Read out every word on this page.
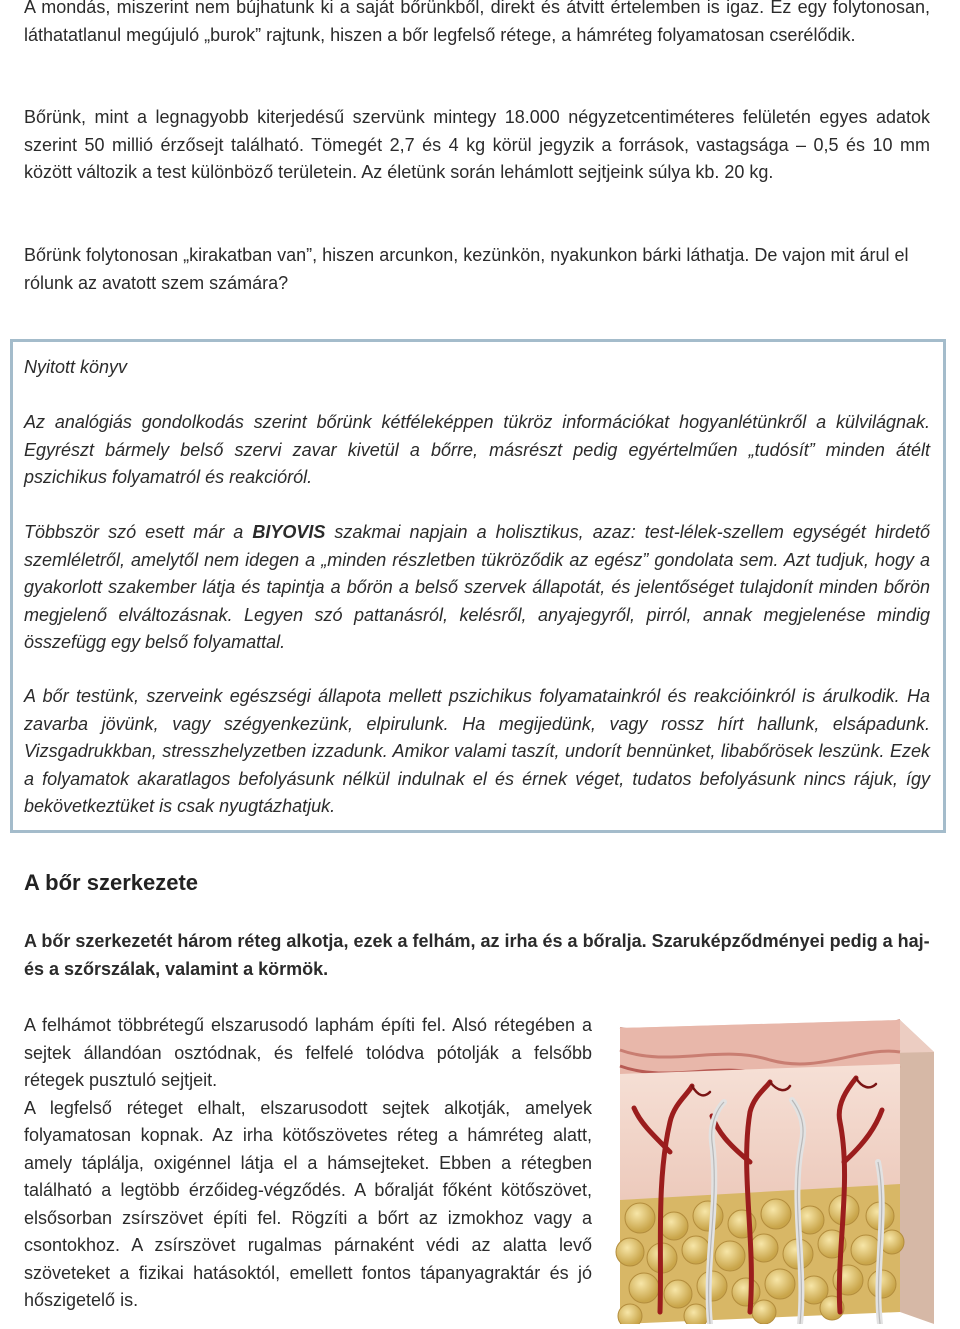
A mondás, miszerint nem bújhatunk ki a saját bőrünkből, direkt és átvitt értelemben is igaz. Ez egy folytonosan, láthatatlanul megújuló „burok” rajtunk, hiszen a bőr legfelső rétege, a hámréteg folyamatosan cserélődik.

Bőrünk, mint a legnagyobb kiterjedésű szervünk mintegy 18.000 négyzetcentiméteres felületén egyes adatok szerint 50 millió érzősejt található. Tömegét 2,7 és 4 kg körül jegyzik a források, vastagsága – 0,5 és 10 mm között változik a test különböző területein. Az életünk során lehámlott sejtjeink súlya kb. 20 kg.

Bőrünk folytonosan „kirakatban van”, hiszen arcunkon, kezünkön, nyakunkon bárki láthatja. De vajon mit árul el rólunk az avatott szem számára?

Nyitott könyv

Az analógiás gondolkodás szerint bőrünk kétféleképpen tükröz információkat hogyanlétünkről a külvilágnak. Egyrészt bármely belső szervi zavar kivetül a bőrre, másrészt pedig egyértelműen „tudósít” minden átélt pszichikus folyamatról és reakcióról.

Többször szó esett már a BIYOVIS szakmai napjain a holisztikus, azaz: test-lélek-szellem egységét hirdető szemléletről, amelytől nem idegen a „minden részletben tükröződik az egész” gondolata sem. Azt tudjuk, hogy a gyakorlott szakember látja és tapintja a bőrön a belső szervek állapotát, és jelentőséget tulajdonít minden bőrön megjelenő elváltozásnak. Legyen szó pattanásról, kelésről, anyajegyről, pirról, annak megjelenése mindig összefügg egy belső folyamattal.

A bőr testünk, szerveink egészségi állapota mellett pszichikus folyamatainkról és reakcióinkról is árulkodik. Ha zavarba jövünk, vagy szégyenkezünk, elpirulunk. Ha megijedünk, vagy rossz hírt hallunk, elsápadunk. Vizsgadrukkban, stresszhelyzetben izzadunk. Amikor valami taszít, undorít bennünket, libabőrösek leszünk. Ezek a folyamatok akaratlagos befolyásunk nélkül indulnak el és érnek véget, tudatos befolyásunk nincs rájuk, így bekövetkeztüket is csak nyugtázhatjuk.

A bőr szerkezete

A bőr szerkezetét három réteg alkotja, ezek a felhám, az irha és a bőralja. Szaruképződményei pedig a haj- és a szőrszálak, valamint a körmök.

A felhámot többrétegű elszarusodó laphám építi fel. Alsó rétegében a sejtek állandóan osztódnak, és felfelé tolódva pótolják a felsőbb rétegek pusztuló sejtjeit.
A legfelső réteget elhalt, elszarusodott sejtek alkotják, amelyek folyamatosan kopnak. Az irha kötőszövetes réteg a hámréteg alatt, amely táplálja, oxigénnel látja el a hámsejteket. Ebben a rétegben található a legtöbb érzőideg-végződés. A bőralját főként kötőszövet, elsősorban zsírszövet építi fel. Rögzíti a bőrt az izmokhoz vagy a csontokhoz. A zsírszövet rugalmas párnaként védi az alatta levő szöveteket a fizikai hatásoktól, emellett fontos tápanyagraktár és jó hőszigetelő is.
